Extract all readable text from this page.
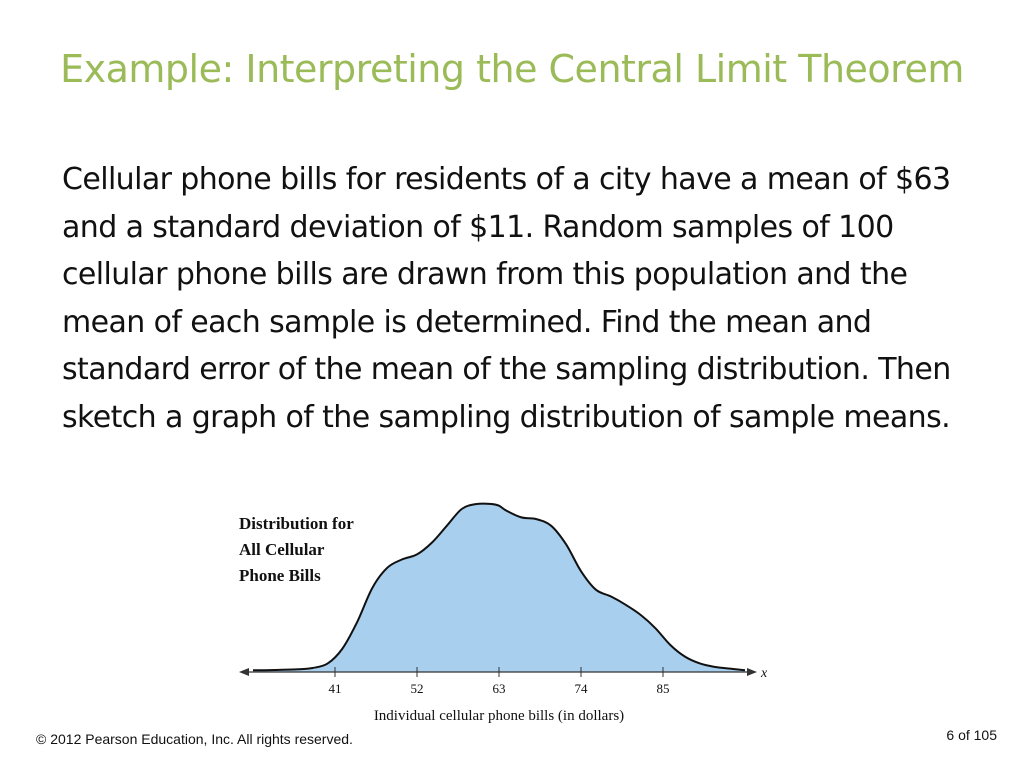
Example: Interpreting the Central Limit Theorem

Cellular phone bills for residents of a city have a mean of $63 and a standard deviation of $11. Random samples of 100 cellular phone bills are drawn from this population and the mean of each sample is determined. Find the mean and standard error of the mean of the sampling distribution. Then sketch a graph of the sampling distribution of sample means.

41	52	63	74	85
Distribution for
All Cellular
Phone Bills
x
Individual cellular phone bills (in dollars)
© 2012 Pearson Education, Inc. All rights reserved.	6 of 105
